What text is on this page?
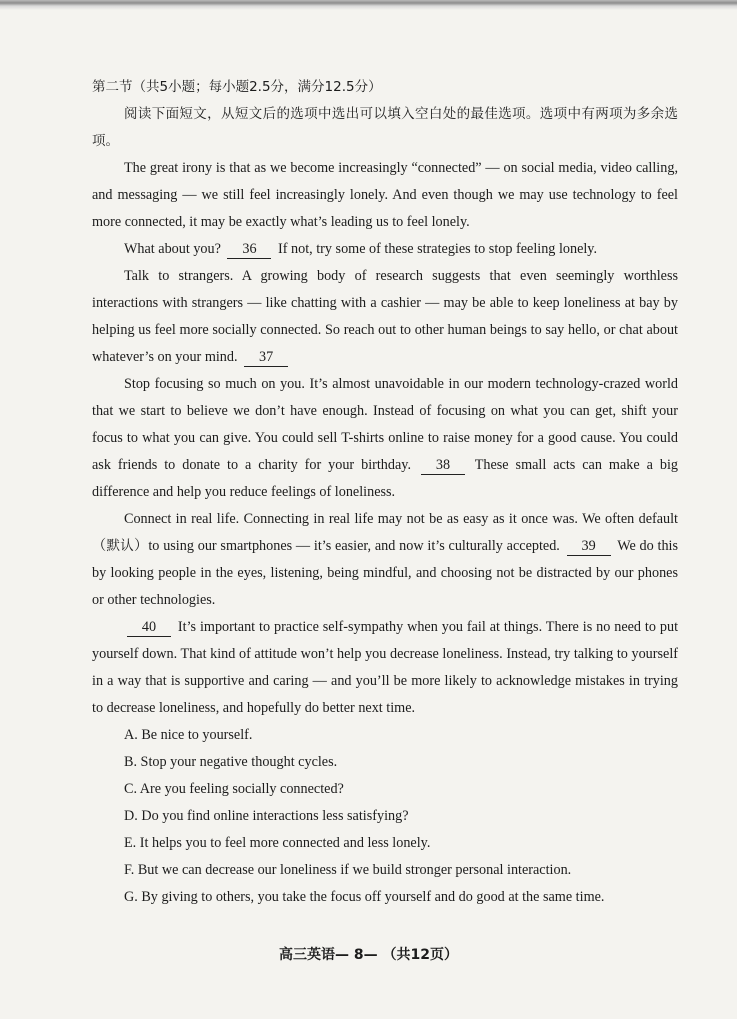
第二节（共5小题；每小题2.5分，满分12.5分）

阅读下面短文，从短文后的选项中选出可以填入空白处的最佳选项。选项中有两项为多余选项。

The great irony is that as we become increasingly “connected” — on social media, video calling, and messaging — we still feel increasingly lonely. And even though we may use technology to feel more connected, it may be exactly what’s leading us to feel lonely.

What about you? 36 If not, try some of these strategies to stop feeling lonely.

Talk to strangers. A growing body of research suggests that even seemingly worthless interactions with strangers — like chatting with a cashier — may be able to keep loneliness at bay by helping us feel more socially connected. So reach out to other human beings to say hello, or chat about whatever’s on your mind. 37

Stop focusing so much on you. It’s almost unavoidable in our modern technology-crazed world that we start to believe we don’t have enough. Instead of focusing on what you can get, shift your focus to what you can give. You could sell T-shirts online to raise money for a good cause. You could ask friends to donate to a charity for your birthday. 38 These small acts can make a big difference and help you reduce feelings of loneliness.

Connect in real life. Connecting in real life may not be as easy as it once was. We often default（默认）to using our smartphones — it’s easier, and now it’s culturally accepted. 39 We do this by looking people in the eyes, listening, being mindful, and choosing not be distracted by our phones or other technologies.

40 It’s important to practice self-sympathy when you fail at things. There is no need to put yourself down. That kind of attitude won’t help you decrease loneliness. Instead, try talking to yourself in a way that is supportive and caring — and you’ll be more likely to acknowledge mistakes in trying to decrease loneliness, and hopefully do better next time.

A. Be nice to yourself.
B. Stop your negative thought cycles.
C. Are you feeling socially connected?
D. Do you find online interactions less satisfying?
E. It helps you to feel more connected and less lonely.
F. But we can decrease our loneliness if we build stronger personal interaction.
G. By giving to others, you take the focus off yourself and do good at the same time.
高三英语— 8— （共12页）
